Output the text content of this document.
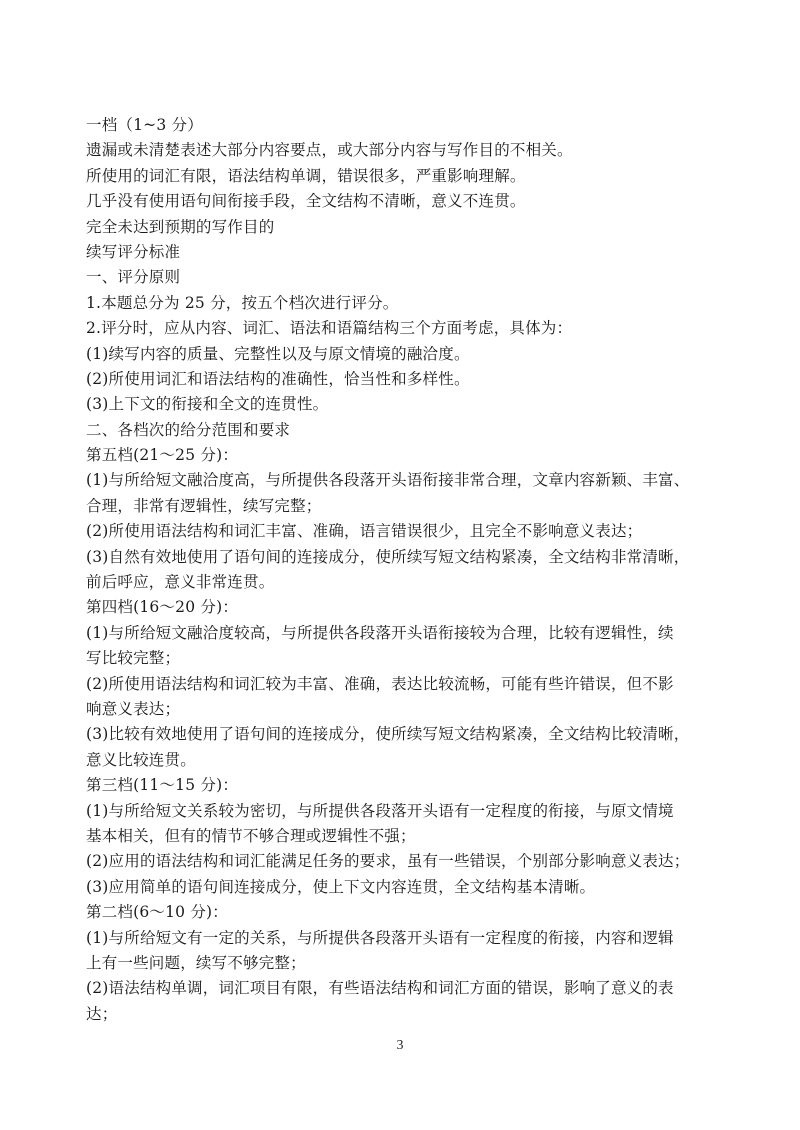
一档（1~3 分）
遗漏或未清楚表述大部分内容要点，或大部分内容与写作目的不相关。
所使用的词汇有限，语法结构单调，错误很多，严重影响理解。
几乎没有使用语句间衔接手段，全文结构不清晰，意义不连贯。
完全未达到预期的写作目的
续写评分标准
一、评分原则
1.本题总分为 25 分，按五个档次进行评分。
2.评分时，应从内容、词汇、语法和语篇结构三个方面考虑，具体为：
(1)续写内容的质量、完整性以及与原文情境的融洽度。
(2)所使用词汇和语法结构的准确性，恰当性和多样性。
(3)上下文的衔接和全文的连贯性。
二、各档次的给分范围和要求
第五档(21～25 分)：
(1)与所给短文融洽度高，与所提供各段落开头语衔接非常合理，文章内容新颖、丰富、
合理，非常有逻辑性，续写完整；
(2)所使用语法结构和词汇丰富、准确，语言错误很少，且完全不影响意义表达；
(3)自然有效地使用了语句间的连接成分，使所续写短文结构紧凑，全文结构非常清晰，
前后呼应，意义非常连贯。
第四档(16～20 分)：
(1)与所给短文融洽度较高，与所提供各段落开头语衔接较为合理，比较有逻辑性，续
写比较完整；
(2)所使用语法结构和词汇较为丰富、准确，表达比较流畅，可能有些许错误，但不影
响意义表达；
(3)比较有效地使用了语句间的连接成分，使所续写短文结构紧凑，全文结构比较清晰，
意义比较连贯。
第三档(11～15 分)：
(1)与所给短文关系较为密切，与所提供各段落开头语有一定程度的衔接，与原文情境
基本相关，但有的情节不够合理或逻辑性不强；
(2)应用的语法结构和词汇能满足任务的要求，虽有一些错误，个别部分影响意义表达；
(3)应用简单的语句间连接成分，使上下文内容连贯，全文结构基本清晰。
第二档(6～10 分)：
(1)与所给短文有一定的关系，与所提供各段落开头语有一定程度的衔接，内容和逻辑
上有一些问题，续写不够完整；
(2)语法结构单调，词汇项目有限，有些语法结构和词汇方面的错误，影响了意义的表
达；
3
